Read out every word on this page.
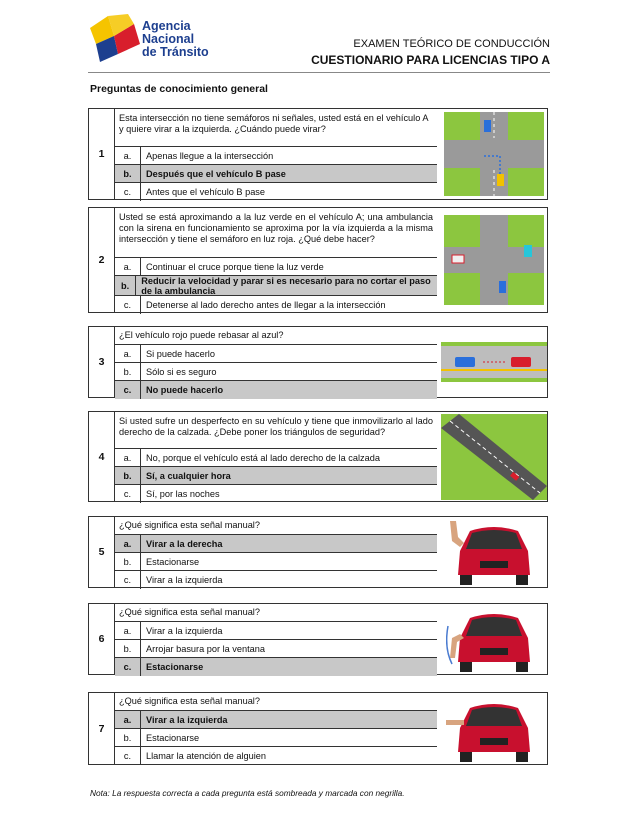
Agencia
Nacional
de Tránsito
EXAMEN TEÓRICO DE CONDUCCIÓN
CUESTIONARIO PARA LICENCIAS TIPO A
Preguntas de conocimiento general
1
Esta intersección no tiene semáforos ni señales, usted está en el vehículo A y quiere virar a la izquierda. ¿Cuándo puede virar?
a.	Apenas llegue a la intersección
b.	Después que el vehículo B pase
c.	Antes que el vehículo B pase
2
Usted se está aproximando a la luz verde en el vehículo A; una ambulancia con la sirena en funcionamiento se aproxima por la vía izquierda a la misma intersección y tiene el semáforo en luz roja. ¿Qué debe hacer?
a.	Continuar el cruce porque tiene la luz verde
b.	Reducir la velocidad y parar si es necesario para no cortar el paso de la ambulancia
c.	Detenerse al lado derecho antes de llegar a la intersección
3
¿El vehículo rojo puede rebasar al azul?
a.	Si puede hacerlo
b.	Sólo si es seguro
c.	No puede hacerlo
4
Si usted sufre un desperfecto en su vehículo y tiene que inmovilizarlo al lado derecho de la calzada. ¿Debe poner los triángulos de seguridad?
a.	No, porque el vehículo está al lado derecho de la calzada
b.	Sí, a cualquier hora
c.	Sí, por las noches
5
¿Qué significa esta señal manual?
a.	Virar a la derecha
b.	Estacionarse
c.	Virar a la izquierda
6
¿Qué significa esta señal manual?
a.	Virar a la izquierda
b.	Arrojar basura por la ventana
c.	Estacionarse
7
¿Qué significa esta señal manual?
a.	Virar a la izquierda
b.	Estacionarse
c.	Llamar la atención de alguien
Nota: La respuesta correcta a cada pregunta está sombreada y marcada con negrilla.
